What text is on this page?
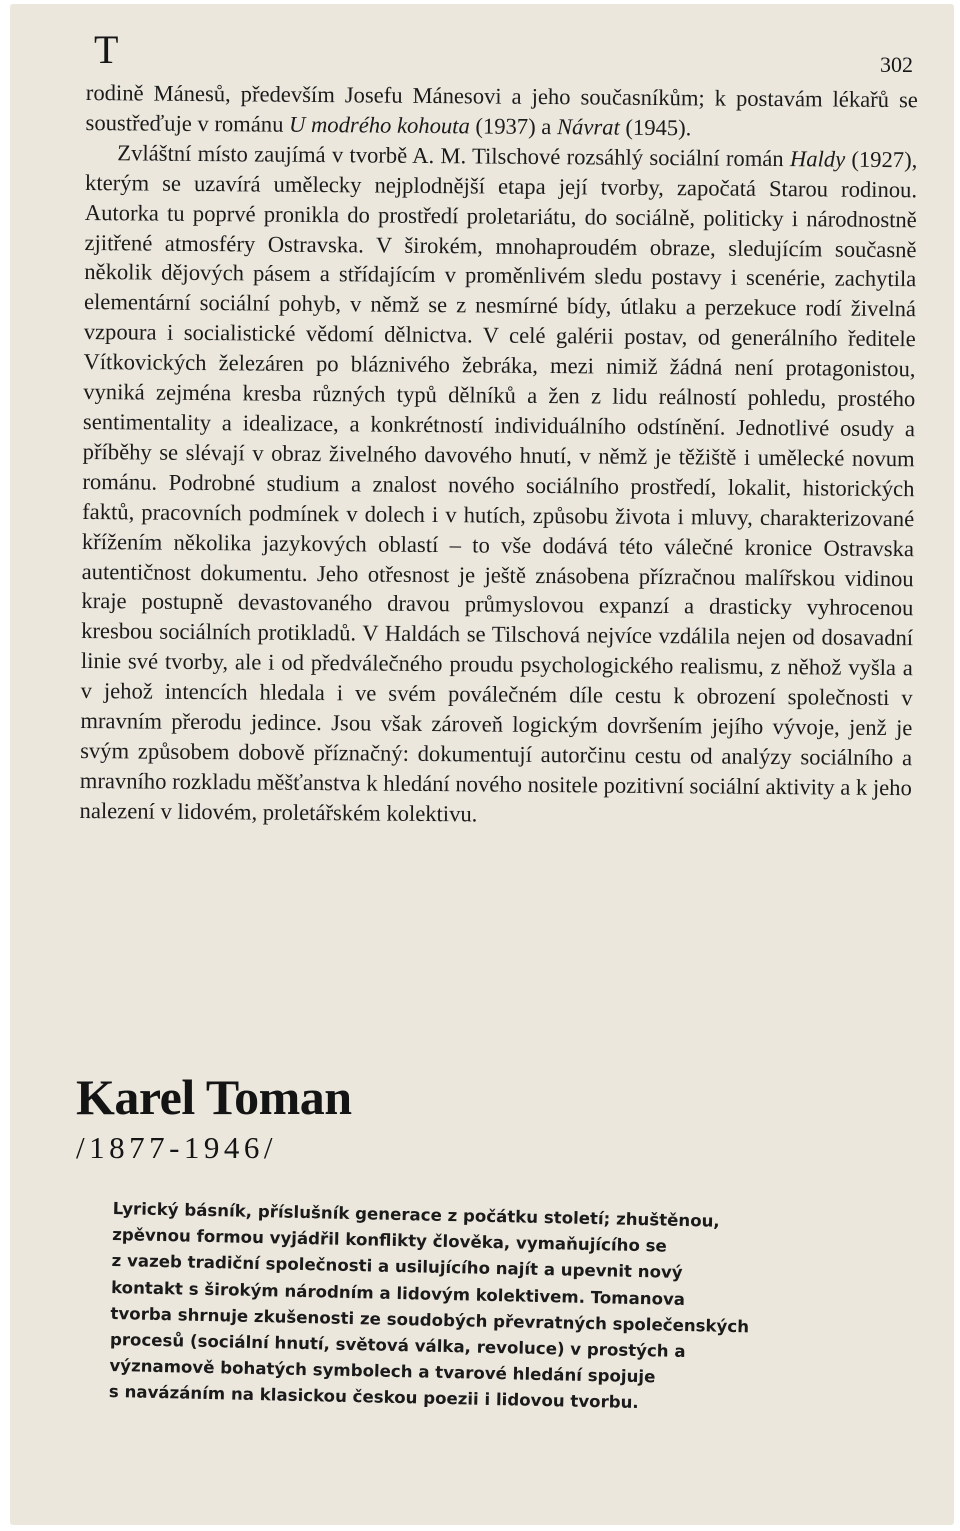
T	302

rodině Mánesů, především Josefu Mánesovi a jeho současníkům; k postavám lékařů se soustřeďuje v románu U modrého kohouta (1937) a Návrat (1945).

Zvláštní místo zaujímá v tvorbě A. M. Tilschové rozsáhlý sociální román Haldy (1927), kterým se uzavírá umělecky nejplodnější etapa její tvorby, započatá Starou rodinou. Autorka tu poprvé pronikla do prostředí proletariátu, do sociálně, politicky i národnostně zjitřené atmosféry Ostravska. V širokém, mnohaproudém obraze, sledujícím současně několik dějových pásem a střídajícím v proměnlivém sledu postavy i scenérie, zachytila elementární sociální pohyb, v němž se z nesmírné bídy, útlaku a perzekuce rodí živelná vzpoura i socialistické vědomí dělnictva. V celé galérii postav, od generálního ředitele Vítkovických železáren po bláznivého žebráka, mezi nimiž žádná není protagonistou, vyniká zejména kresba různých typů dělníků a žen z lidu reálností pohledu, prostého sentimentality a idealizace, a konkrétností individuálního odstínění. Jednotlivé osudy a příběhy se slévají v obraz živelného davového hnutí, v němž je těžiště i umělecké novum románu. Podrobné studium a znalost nového sociálního prostředí, lokalit, historických faktů, pracovních podmínek v dolech i v hutích, způsobu života i mluvy, charakterizované křížením několika jazykových oblastí – to vše dodává této válečné kronice Ostravska autentičnost dokumentu. Jeho otřesnost je ještě znásobena přízračnou malířskou vidinou kraje postupně devastovaného dravou průmyslovou expanzí a drasticky vyhrocenou kresbou sociálních protikladů. V Haldách se Tilschová nejvíce vzdálila nejen od dosavadní linie své tvorby, ale i od předválečného proudu psychologického realismu, z něhož vyšla a v jehož intencích hledala i ve svém poválečném díle cestu k obrození společnosti v mravním přerodu jedince. Jsou však zároveň logickým dovršením jejího vývoje, jenž je svým způsobem dobově příznačný: dokumentují autorčinu cestu od analýzy sociálního a mravního rozkladu měšťanstva k hledání nového nositele pozitivní sociální aktivity a k jeho nalezení v lidovém, proletářském kolektivu.

Karel Toman

/1877-1946/

Lyrický básník, příslušník generace z počátku století; zhuštěnou,
zpěvnou formou vyjádřil konflikty člověka, vymaňujícího se
z vazeb tradiční společnosti a usilujícího najít a upevnit nový
kontakt s širokým národním a lidovým kolektivem. Tomanova
tvorba shrnuje zkušenosti ze soudobých převratných společenských
procesů (sociální hnutí, světová válka, revoluce) v prostých a
významově bohatých symbolech a tvarové hledání spojuje
s navázáním na klasickou českou poezii i lidovou tvorbu.
